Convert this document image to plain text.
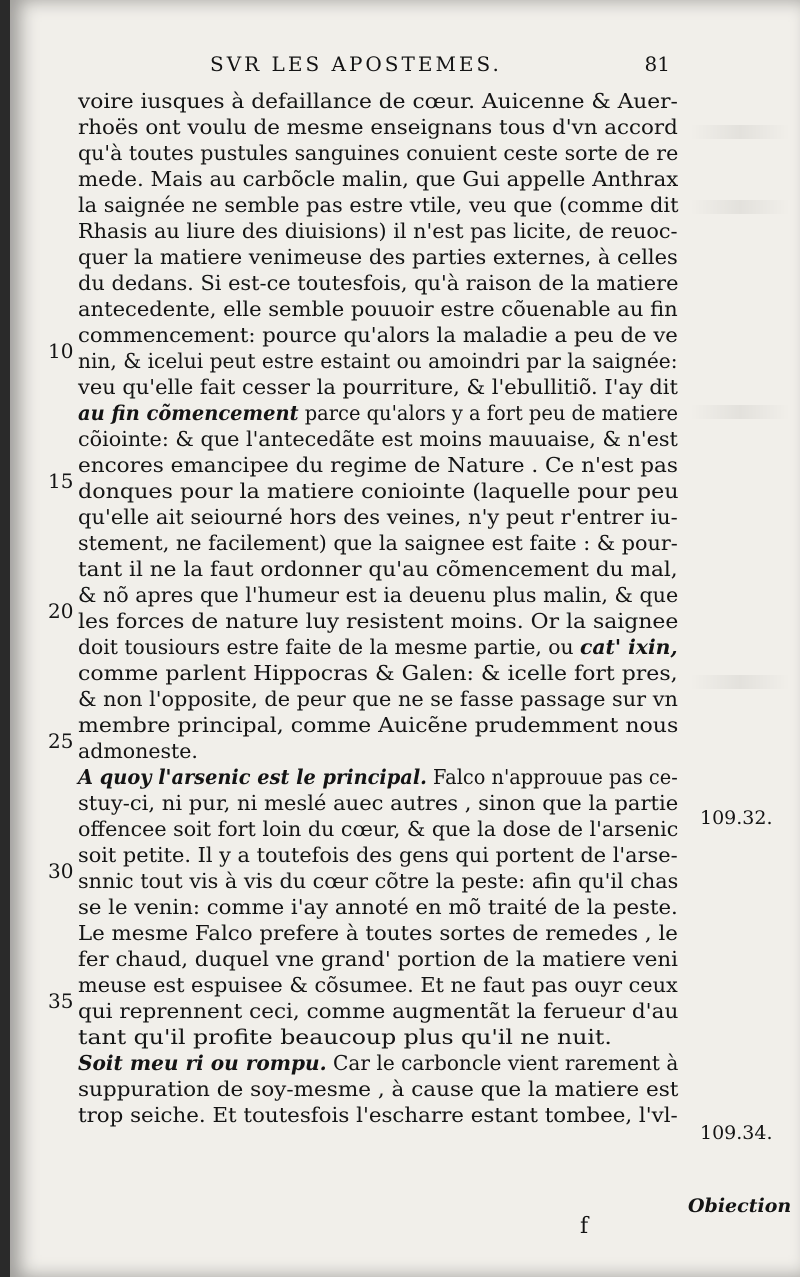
SVR LES APOSTEMES.	81
voire iusques à defaillance de cœur. Auicenne & Auer-
rhoës ont voulu de mesme enseignans tous d'vn accord
qu'à toutes pustules sanguines conuient ceste sorte de re
mede. Mais au carbõcle malin, que Gui appelle Anthrax
la saignée ne semble pas estre vtile, veu que (comme dit
Rhasis au liure des diuisions) il n'est pas licite, de reuoc-
quer la matiere venimeuse des parties externes, à celles
du dedans. Si est-ce toutesfois, qu'à raison de la matiere
antecedente, elle semble pouuoir estre cõuenable au fin
commencement: pource qu'alors la maladie a peu de ve
nin, & icelui peut estre estaint ou amoindri par la saignée:
veu qu'elle fait cesser la pourriture, & l'ebullitiõ. I'ay dit
au fin cõmencement parce qu'alors y a fort peu de matiere
cõiointe: & que l'antecedãte est moins mauuaise, & n'est
encores emancipee du regime de Nature . Ce n'est pas
donques pour la matiere coniointe (laquelle pour peu
qu'elle ait seiourné hors des veines, n'y peut r'entrer iu-
stement, ne facilement) que la saignee est faite : & pour-
tant il ne la faut ordonner qu'au cõmencement du mal,
& nõ apres que l'humeur est ia deuenu plus malin, & que
les forces de nature luy resistent moins. Or la saignee
doit tousiours estre faite de la mesme partie, ou cat' ixin,
comme parlent Hippocras & Galen: & icelle fort pres,
& non l'opposite, de peur que ne se fasse passage sur vn
membre principal, comme Auicẽne prudemment nous
admoneste.
A quoy l'arsenic est le principal. Falco n'approuue pas ce-
stuy-ci, ni pur, ni meslé auec autres , sinon que la partie
offencee soit fort loin du cœur, & que la dose de l'arsenic
soit petite. Il y a toutefois des gens qui portent de l'arse-
snnic tout vis à vis du cœur cõtre la peste: afin qu'il chas
se le venin: comme i'ay annoté en mõ traité de la peste.
Le mesme Falco prefere à toutes sortes de remedes , le
fer chaud, duquel vne grand' portion de la matiere veni
meuse est espuisee & cõsumee. Et ne faut pas ouyr ceux
qui reprennent ceci, comme augmentãt la ferueur d'au
tant qu'il profite beaucoup plus qu'il ne nuit.
Soit meu ri ou rompu. Car le carboncle vient rarement à
suppuration de soy-mesme , à cause que la matiere est
trop seiche. Et toutesfois l'escharre estant tombee, l'vl-
10
15
20
25
30
35
109.32.
109.34.
Obiection
f
